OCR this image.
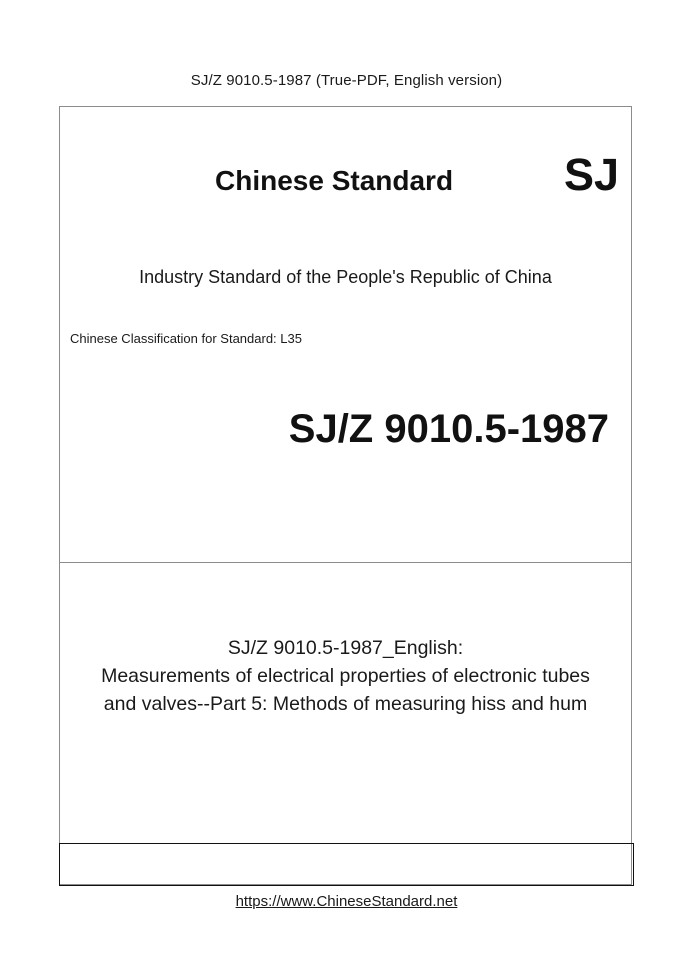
SJ/Z 9010.5-1987 (True-PDF, English version)
Chinese Standard SJ
Industry Standard of the People's Republic of China
Chinese Classification for Standard: L35
SJ/Z 9010.5-1987
SJ/Z 9010.5-1987_English:
Measurements of electrical properties of electronic tubes
and valves--Part 5: Methods of measuring hiss and hum
https://www.ChineseStandard.net
